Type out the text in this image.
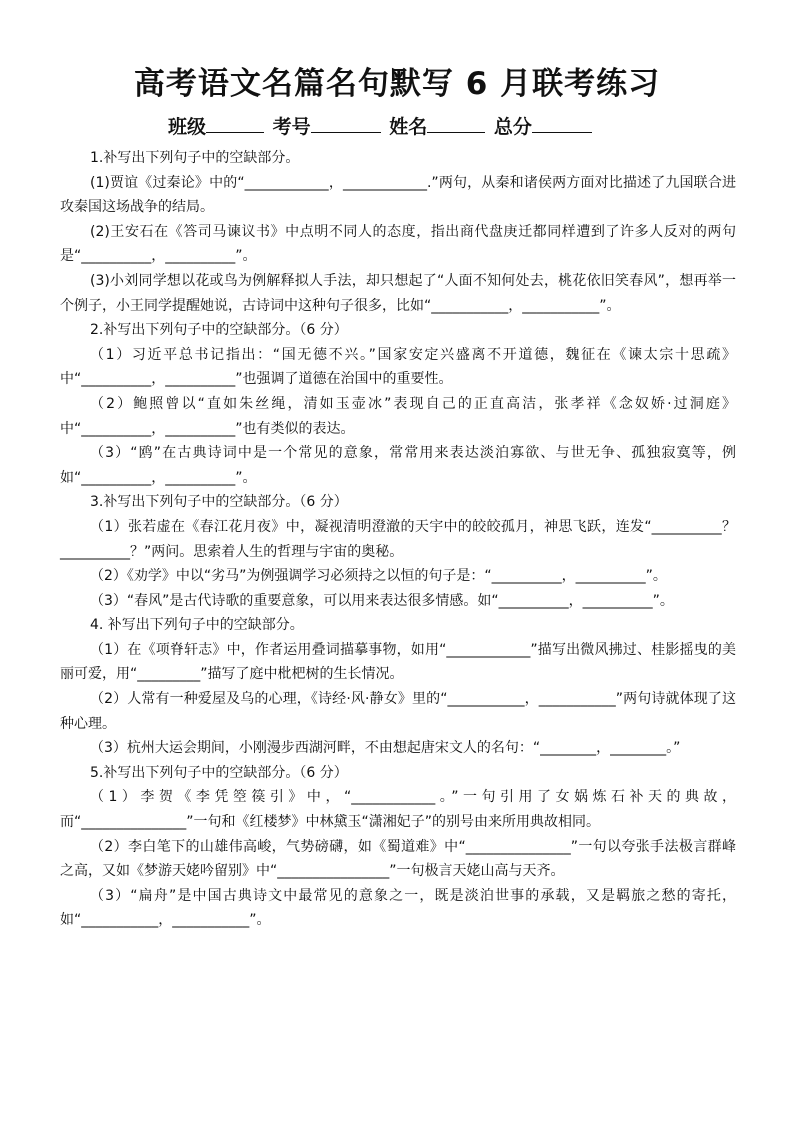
高考语文名篇名句默写 6 月联考练习
班级	考号	姓名	总分

1.补写出下列句子中的空缺部分。

(1)贾谊《过秦论》中的“____________，____________.”两句，从秦和诸侯两方面对比描述了九国联合进攻秦国这场战争的结局。

(2)王安石在《答司马谏议书》中点明不同人的态度，指出商代盘庚迁都同样遭到了许多人反对的两句是“__________，__________”。

(3)小刘同学想以花或鸟为例解释拟人手法，却只想起了“人面不知何处去，桃花依旧笑春风”，想再举一个例子，小王同学提醒她说，古诗词中这种句子很多，比如“___________，___________”。

2.补写出下列句子中的空缺部分。（6 分）

（1）习近平总书记指出：“国无德不兴。”国家安定兴盛离不开道德，魏征在《谏太宗十思疏》中“__________，__________”也强调了道德在治国中的重要性。

（2）鲍照曾以“直如朱丝绳，清如玉壶冰”表现自己的正直高洁，张孝祥《念奴娇·过洞庭》中“__________，__________”也有类似的表达。

（3）“鸥”在古典诗词中是一个常见的意象，常常用来表达淡泊寡欲、与世无争、孤独寂寞等，例如“__________，__________”。

3.补写出下列句子中的空缺部分。（6 分）

（1）张若虚在《春江花月夜》中，凝视清明澄澈的天宇中的皎皎孤月，神思飞跃，连发“__________？__________？”两问。思索着人生的哲理与宇宙的奥秘。

（2）《劝学》中以“劣马”为例强调学习必须持之以恒的句子是：“__________，__________”。

（3）“春风”是古代诗歌的重要意象，可以用来表达很多情感。如“__________，__________”。

4. 补写出下列句子中的空缺部分。

（1）在《项脊轩志》中，作者运用叠词描摹事物，如用“____________”描写出微风拂过、桂影摇曳的美丽可爱，用“_________”描写了庭中枇杷树的生长情况。

（2）人常有一种爱屋及乌的心理，《诗经·风·静女》里的“___________，___________”两句诗就体现了这种心理。

（3）杭州大运会期间，小刚漫步西湖河畔，不由想起唐宋文人的名句：“________，________。”

5.补写出下列句子中的空缺部分。（6 分）

（1）李贺《李凭箜篌引》中，“____________。”一句引用了女娲炼石补天的典故，而“_______________”一句和《红楼梦》中林黛玉“潇湘妃子”的别号由来所用典故相同。

（2）李白笔下的山雄伟高峻，气势磅礴，如《蜀道难》中“_______________”一句以夸张手法极言群峰之高，又如《梦游天姥吟留别》中“________________”一句极言天姥山高与天齐。

（3）“扁舟”是中国古典诗文中最常见的意象之一，既是淡泊世事的承载，又是羁旅之愁的寄托，如“___________，___________”。
